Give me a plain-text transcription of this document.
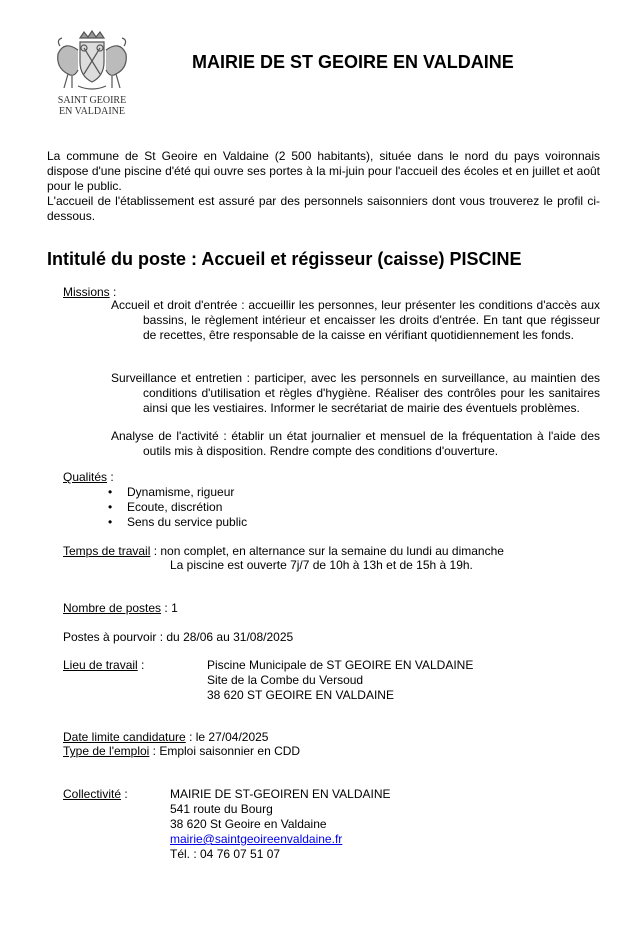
SAINT GEOIRE
EN VALDAINE
MAIRIE DE ST GEOIRE EN VALDAINE

La commune de St Geoire en Valdaine (2 500 habitants), située dans le nord du pays voironnais dispose d'une piscine d'été qui ouvre ses portes à la mi-juin pour l'accueil des écoles et en juillet et août pour le public.

L'accueil de l'établissement est assuré par des personnels saisonniers dont vous trouverez le profil ci-dessous.

Intitulé du poste : Accueil et régisseur (caisse) PISCINE
Missions :
Accueil et droit d'entrée : accueillir les personnes, leur présenter les conditions d'accès aux bassins, le règlement intérieur et encaisser les droits d'entrée. En tant que régisseur de recettes, être responsable de la caisse en vérifiant quotidiennement les fonds.
Surveillance et entretien : participer, avec les personnels en surveillance, au maintien des conditions d'utilisation et règles d'hygiène. Réaliser des contrôles pour les sanitaires ainsi que les vestiaires. Informer le secrétariat de mairie des éventuels problèmes.
Analyse de l'activité : établir un état journalier et mensuel de la fréquentation à l'aide des outils mis à disposition. Rendre compte des conditions d'ouverture.
Qualités :
• Dynamisme, rigueur
• Ecoute, discrétion
• Sens du service public
Temps de travail : non complet, en alternance sur la semaine du lundi au dimanche
La piscine est ouverte 7j/7 de 10h à 13h et de 15h à 19h.
Nombre de postes : 1
Postes à pourvoir : du 28/06 au 31/08/2025
Lieu de travail :	Piscine Municipale de ST GEOIRE EN VALDAINE
Site de la Combe du Versoud
38 620 ST GEOIRE EN VALDAINE
Date limite candidature : le 27/04/2025
Type de l'emploi : Emploi saisonnier en CDD
Collectivité :	MAIRIE DE ST-GEOIREN EN VALDAINE
541 route du Bourg
38 620 St Geoire en Valdaine
mairie@saintgeoireenvaldaine.fr
Tél. : 04 76 07 51 07
